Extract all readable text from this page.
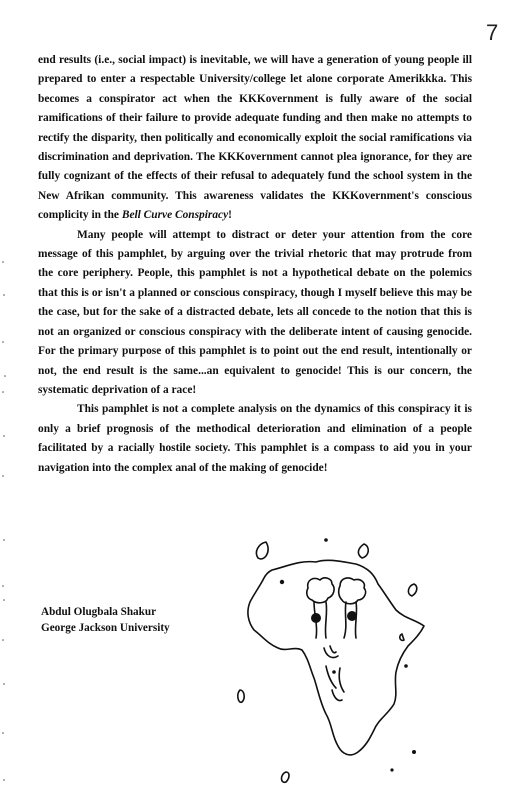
7

end results (i.e., social impact) is inevitable, we will have a generation of young people ill prepared to enter a respectable University/college let alone corporate Amerikkka. This becomes a conspirator act when the KKKovernment is fully aware of the social ramifications of their failure to provide adequate funding and then make no attempts to rectify the disparity, then politically and economically exploit the social ramifications via discrimination and deprivation. The KKKovernment cannot plea ignorance, for they are fully cognizant of the effects of their refusal to adequately fund the school system in the New Afrikan community. This awareness validates the KKKovernment's conscious complicity in the Bell Curve Conspiracy!

Many people will attempt to distract or deter your attention from the core message of this pamphlet, by arguing over the trivial rhetoric that may protrude from the core periphery. People, this pamphlet is not a hypothetical debate on the polemics that this is or isn't a planned or conscious conspiracy, though I myself believe this may be the case, but for the sake of a distracted debate, lets all concede to the notion that this is not an organized or conscious conspiracy with the deliberate intent of causing genocide. For the primary purpose of this pamphlet is to point out the end result, intentionally or not, the end result is the same...an equivalent to genocide! This is our concern, the systematic deprivation of a race!

This pamphlet is not a complete analysis on the dynamics of this conspiracy it is only a brief prognosis of the methodical deterioration and elimination of a people facilitated by a racially hostile society. This pamphlet is a compass to aid you in your navigation into the complex anal of the making of genocide!

Abdul Olugbala Shakur
George Jackson University
